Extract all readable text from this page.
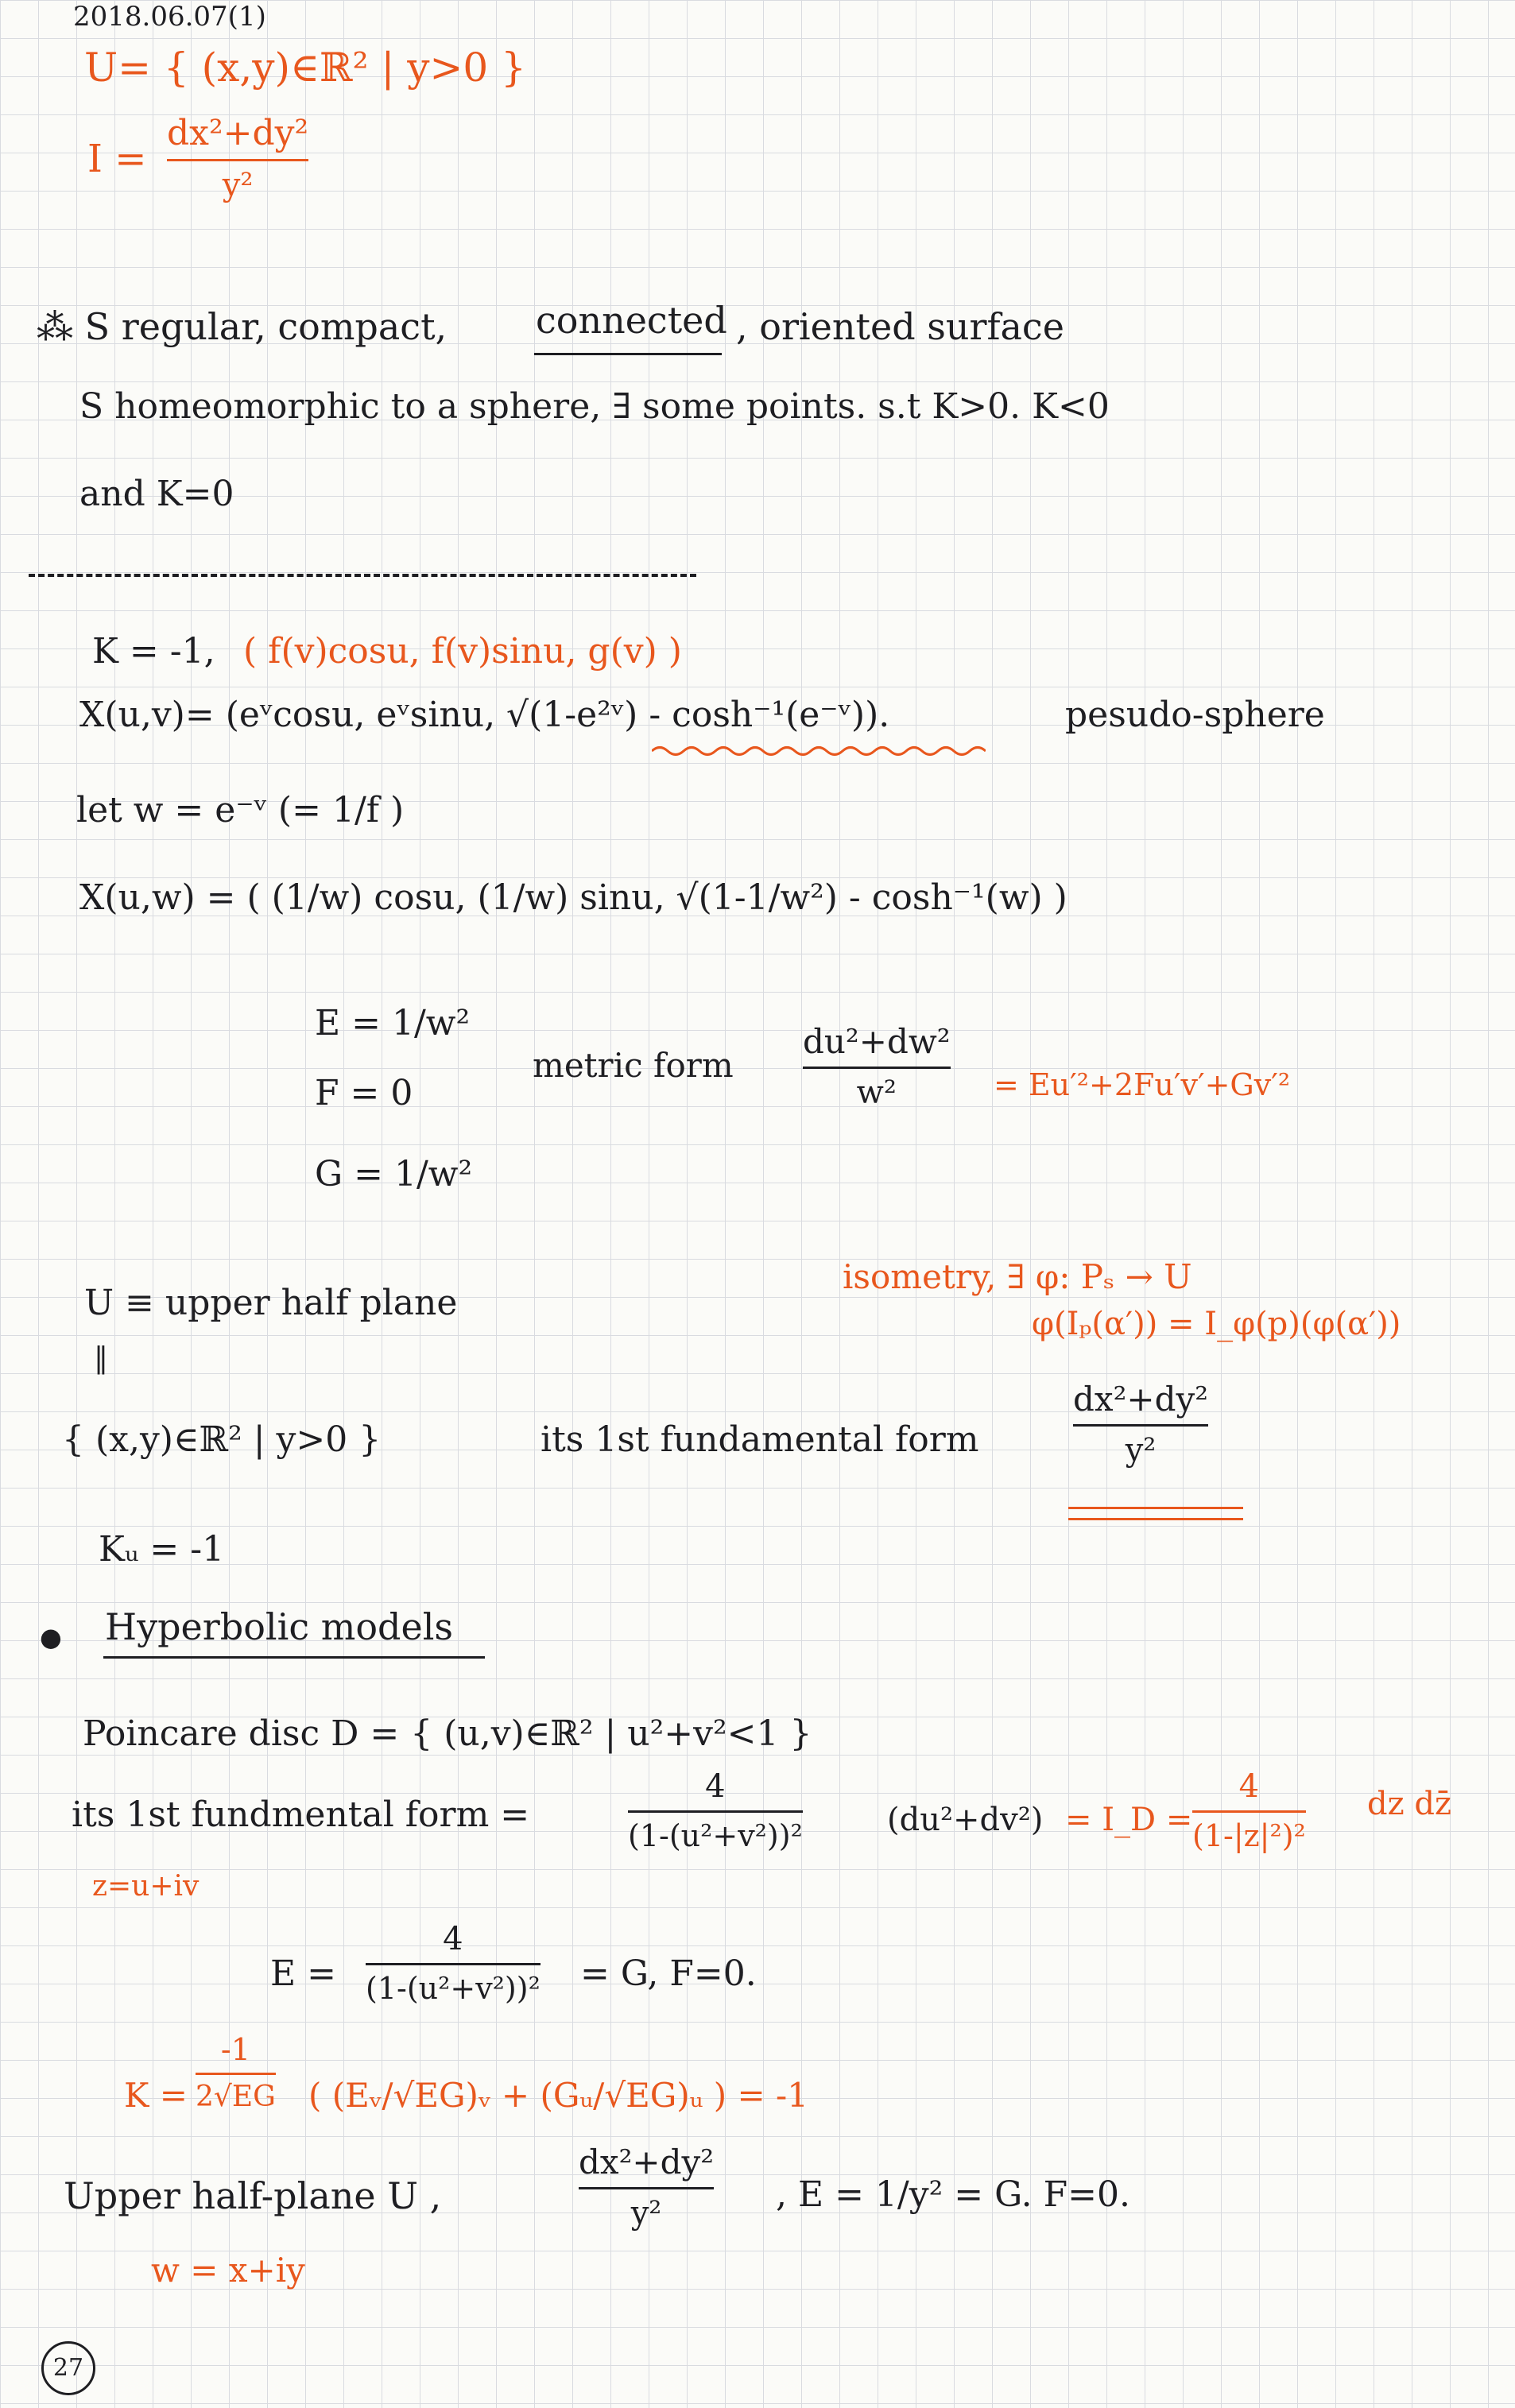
2018.06.07(1)
U= { (x,y)∈ℝ² | y>0 }
I =
dx²+dy²
y²
⁂ S regular, compact, connected , oriented surface
S homeomorphic to a sphere, ∃ some points. s.t K>0. K<0
and K=0
K = -1, ( f(v)cosu, f(v)sinu, g(v) )
X(u,v)= (eᵛcosu, eᵛsinu, √(1-e²ᵛ) - cosh⁻¹(e⁻ᵛ)).	pesudo-sphere
let w = e⁻ᵛ (= 1/f )
X(u,w) = ( (1/w) cosu, (1/w) sinu, √(1-1/w²) - cosh⁻¹(w) )
E = 1/w²
F = 0
G = 1/w²
metric form
du²+dw²
w²	= Eu′²+2Fu′v′+Gv′²
isometry, ∃ φ: Pₛ → U
φ(Iₚ(α′)) = I_φ(p)(φ(α′))
U ≡ upper half plane
‖
{ (x,y)∈ℝ² | y>0 }	its 1st fundamental form
dx²+dy²
y²
Kᵤ = -1
● Hyperbolic models
Poincare disc D = { (u,v)∈ℝ² | u²+v²<1 }
its 1st fundmental form =
4
(1-(u²+v²))²	(du²+dv²) = I_D =
4
(1-|z|²)²
dz dz̄
z=u+iv
E =
4
(1-(u²+v²))² = G, F=0.
K =
-1
2√EG ( (Eᵥ/√EG)ᵥ + (Gᵤ/√EG)ᵤ ) = -1
Upper half-plane U ,
dx²+dy²
y²	, E = 1/y² = G. F=0.
w = x+iy
27
